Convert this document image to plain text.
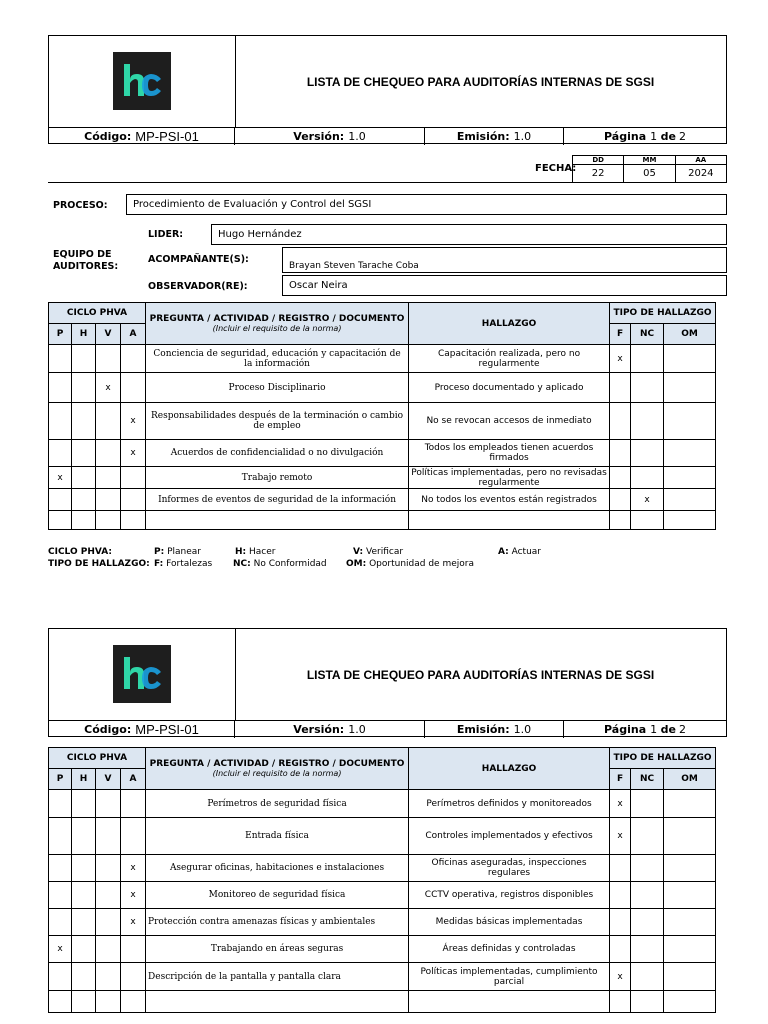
LISTA DE CHEQUEO PARA AUDITORÍAS INTERNAS DE SGSI
Código: MP-PSI-01	Versión: 1.0	Emisión: 1.0	Página 1
de 2
FECHA:
DD	MM	AA
22	05	2024
PROCESO:	Procedimiento de Evaluación y Control del SGSI
EQUIPO DE
AUDITORES:
LIDER:	Hugo Hernández
ACOMPAÑANTE(S):
Brayan Steven Tarache Coba
OBSERVADOR(RE):	Oscar Neira
CICLO PHVA				PREGUNTA / ACTIVIDAD / REGISTRO / DOCUMENTO
(Incluir el requisito de la norma)	HALLAZGO	TIPO DE HALLAZGO		
P	H	V	A			F	NC	OM
				Conciencia de seguridad, educación y capacitación de la información	Capacitación realizada, pero no regularmente	x		
		x		Proceso Disciplinario	Proceso documentado y aplicado			
			x	Responsabilidades después de la terminación o cambio de empleo	No se revocan accesos de inmediato			
			x	Acuerdos de confidencialidad o no divulgación	Todos los empleados tienen acuerdos firmados			
x				Trabajo remoto	Políticas implementadas, pero no revisadas regularmente			
				Informes de eventos de seguridad de la información	No todos los eventos están registrados		x	

CICLO PHVA:	P: Planear	H: Hacer	V: Verificar	A: Actuar
TIPO DE HALLAZGO: F: Fortalezas NC: No Conformidad OM: Oportunidad de mejora
LISTA DE CHEQUEO PARA AUDITORÍAS INTERNAS DE SGSI
Código: MP-PSI-01	Versión: 1.0	Emisión: 1.0	Página 1
de 2
CICLO PHVA				PREGUNTA / ACTIVIDAD / REGISTRO / DOCUMENTO
(Incluir el requisito de la norma)	HALLAZGO	TIPO DE HALLAZGO		
P	H	V	A			F	NC	OM
				Perímetros de seguridad física	Perímetros definidos y monitoreados	x		
				Entrada física	Controles implementados y efectivos	x		
			x	Asegurar oficinas, habitaciones e instalaciones	Oficinas aseguradas, inspecciones regulares			
			x	Monitoreo de seguridad física	CCTV operativa, registros disponibles			
			x	Protección contra amenazas físicas y ambientales	Medidas básicas implementadas			
x				Trabajando en áreas seguras	Áreas definidas y controladas			
				Descripción de la pantalla y pantalla clara	Políticas implementadas, cumplimiento parcial	x		
